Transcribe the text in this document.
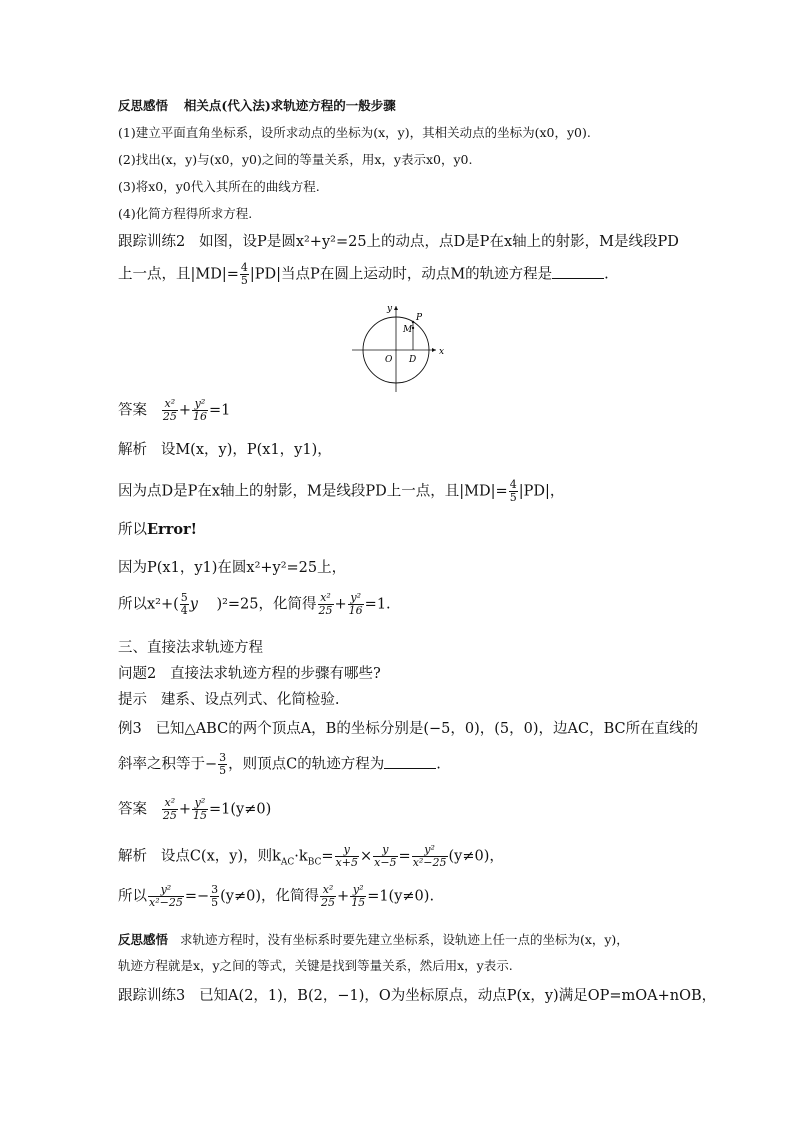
反思感悟 相关点(代入法)求轨迹方程的一般步骤
(1)建立平面直角坐标系，设所求动点的坐标为(x，y)，其相关动点的坐标为(x0，y0).
(2)找出(x，y)与(x0，y0)之间的等量关系，用x，y表示x0，y0.
(3)将x0，y0代入其所在的曲线方程.
(4)化简方程得所求方程.
跟踪训练2 如图，设P是圆x²+y²=25上的动点，点D是P在x轴上的射影，M是线段PD
上一点，且$|MD|= \frac{4}{5} |PD|$当点P在圆上运动时，动点M的轨迹方程是	.
x
y
O D
M
P
答案 $\frac{\text{x²}}{25} + \frac{\text{y²}}{16} =1$
解析 设M(x，y)，P(x1，y1)，
因为点D是P在x轴上的射影，M是线段PD上一点，且$|MD|= \frac{4}{5} |PD|$，
所以Error!
因为P(x1，y1)在圆x²+y²=25上，
所以$x^2+( \frac{5}{4}$ y )²=25，化简得 $\frac{\text{x²}}{25} + \frac{\text{y²}}{16} =1$.
三、直接法求轨迹方程
问题2 直接法求轨迹方程的步骤有哪些?
提示 建系、设点列式、化简检验.
例3 已知△ABC的两个顶点A，B的坐标分别是(−5，0)，(5，0)，边AC，BC所在直线的
斜率之积等于− $\frac{3}{5}$ ，则顶点C的轨迹方程为	.
答案 $\frac{\text{x²}}{25} + \frac{\text{y²}}{15} =1(y\ne 0)$
解析 设点C(x，y)，则$k_{AC}\cdot k_{BC}= \frac{y}{x+5} \times \frac{y}{x-5} = \frac{\text{y²}}{\text{x²−25}} (y\ne 0)$，
所以 $\frac{\text{y²}}{\text{x²−25}} =- \frac{3}{5} (y\ne 0)$，化简得 $\frac{\text{x²}}{25} + \frac{\text{y²}}{15} =1(y\ne 0)$.
反思感悟 求轨迹方程时，没有坐标系时要先建立坐标系，设轨迹上任一点的坐标为(x，y)，
轨迹方程就是x，y之间的等式，关键是找到等量关系，然后用x，y表示.
跟踪训练3 已知A(2，1)，B(2，−1)，O为坐标原点，动点P(x，y)满足OP=mOA+nOB，
